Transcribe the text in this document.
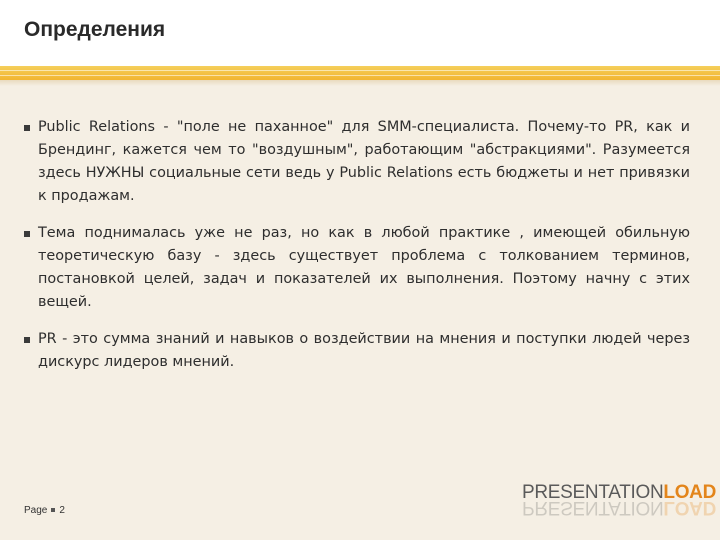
Определения
Public Relations - "поле не паханное" для SMM-специалиста. Почему-то PR, как и Брендинг, кажется чем то "воздушным", работающим "абстракциями". Разумеется здесь НУЖНЫ социальные сети ведь у Public Relations есть бюджеты и нет привязки к продажам.
Тема поднималась уже не раз, но как в любой практике , имеющей обильную теоретическую базу - здесь существует проблема с толкованием терминов, постановкой целей, задач и показателей их выполнения. Поэтому начну с этих вещей.
PR - это сумма знаний и навыков о воздействии на мнения и поступки людей через дискурс лидеров мнений.
Page 2
PRESENTATIONLOAD
PRESENTATIONLOAD
